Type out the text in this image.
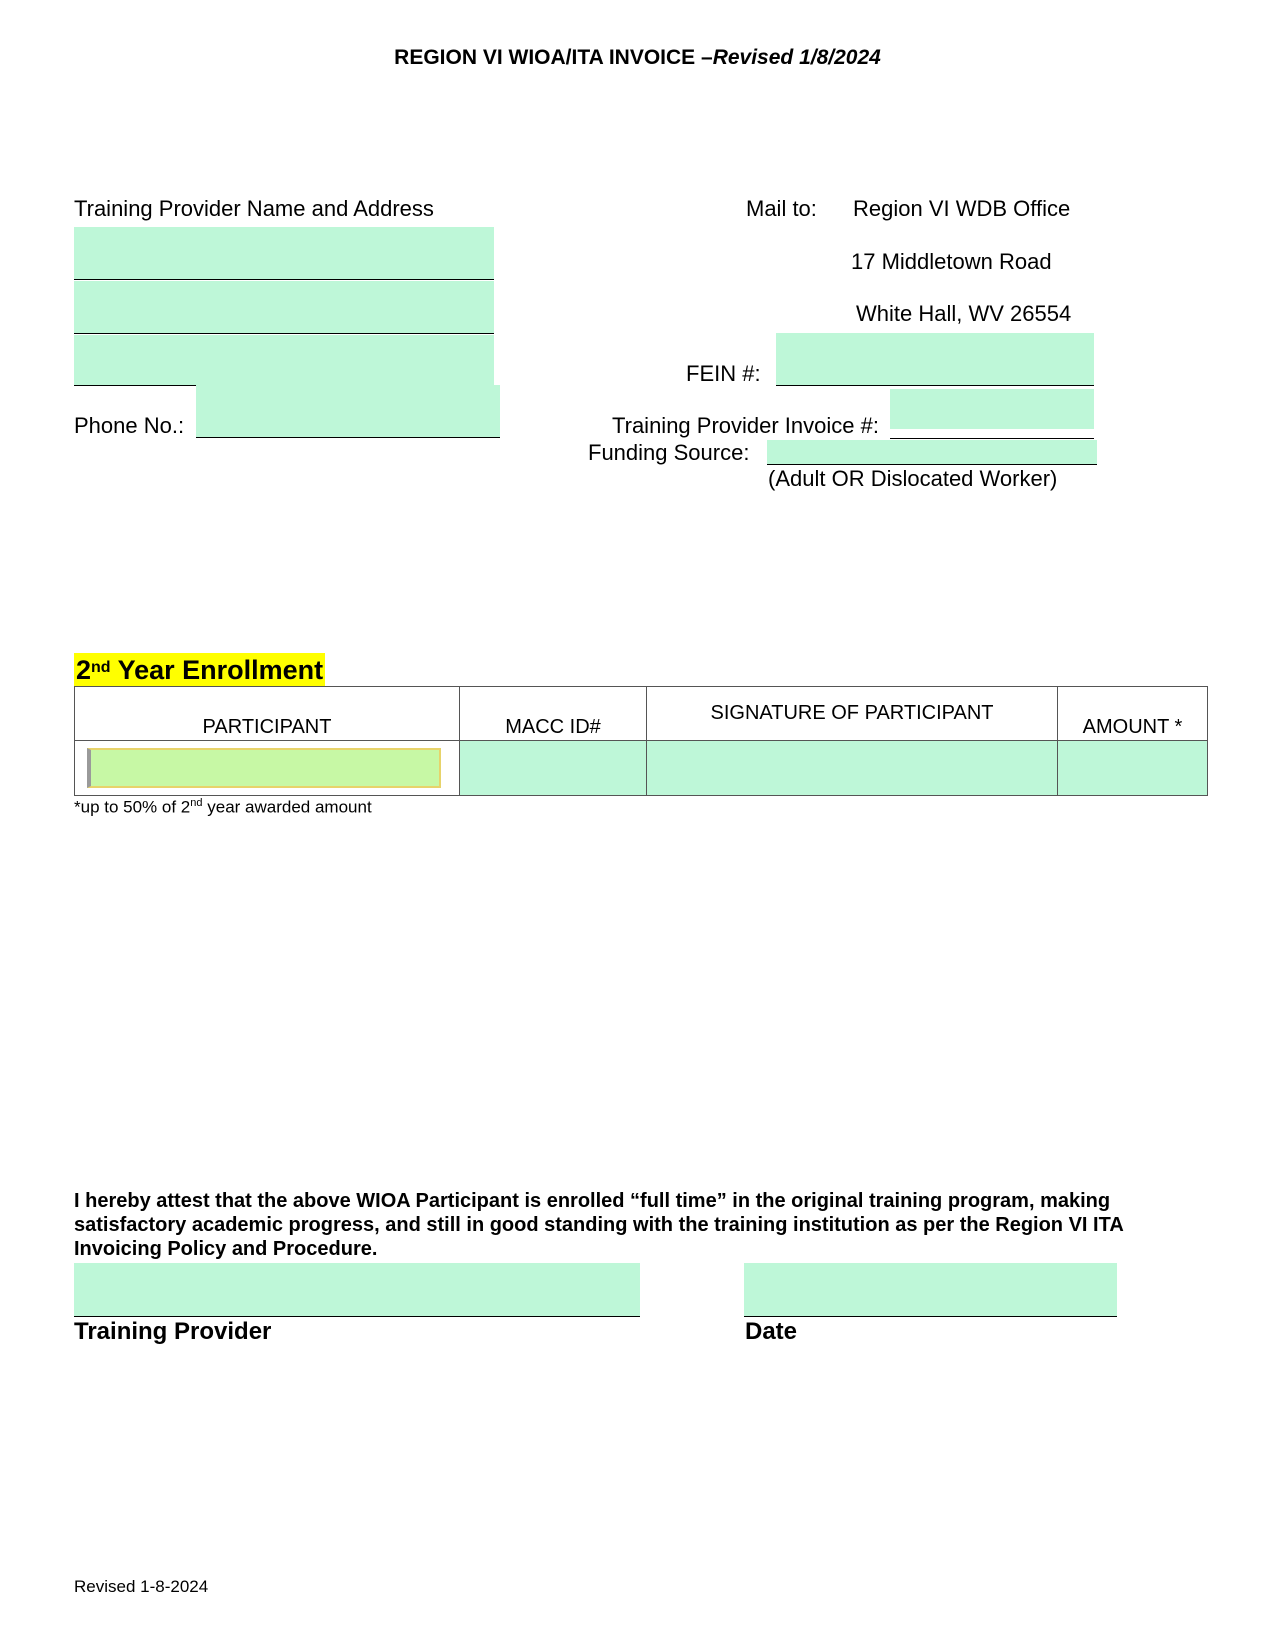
REGION VI WIOA/ITA INVOICE –Revised 1/8/2024
Training Provider Name and Address
Phone No.:
Mail to: Region VI WDB Office
17 Middletown Road
White Hall, WV 26554
FEIN #:
Training Provider Invoice #:
Funding Source:
(Adult OR Dislocated Worker)
2nd Year Enrollment
PARTICIPANT	MACC ID#	SIGNATURE OF PARTICIPANT	AMOUNT *

*up to 50% of 2nd year awarded amount
I hereby attest that the above WIOA Participant is enrolled “full time” in the original training program, making satisfactory academic progress, and still in good standing with the training institution as per the Region VI ITA Invoicing Policy and Procedure.
Training Provider	Date
Revised 1-8-2024
